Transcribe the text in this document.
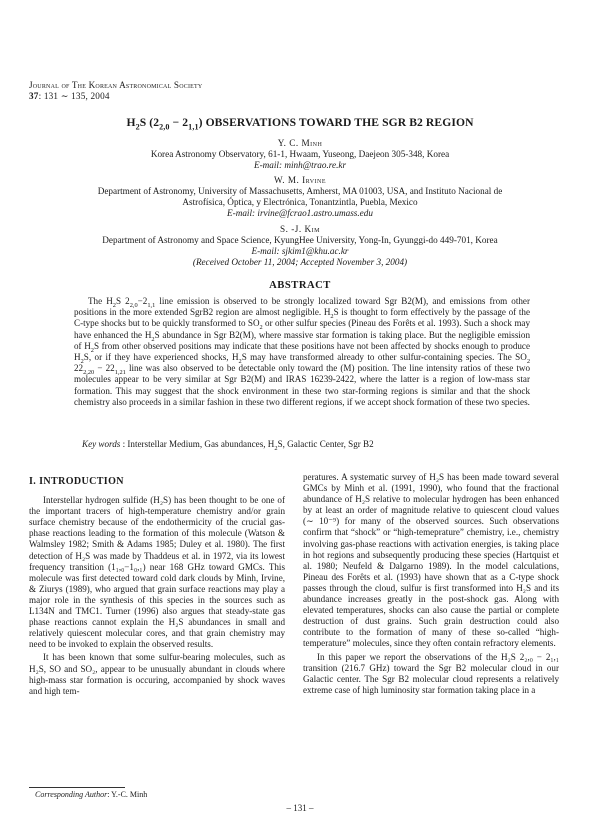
Journal of The Korean Astronomical Society
37: 131 ∼ 135, 2004
$H_2S$ $(2_{2,0} - 2_{1,1})$ OBSERVATIONS TOWARD THE SGR B2 REGION
Y. C. Minh
Korea Astronomy Observatory, 61-1, Hwaam, Yuseong, Daejeon 305-348, Korea
E-mail: minh@trao.re.kr
W. M. Irvine
Department of Astronomy, University of Massachusetts, Amherst, MA 01003, USA, and Instituto Nacional de
Astrofísica, Óptica, y Electrónica, Tonantzintla, Puebla, Mexico
E-mail: irvine@fcrao1.astro.umass.edu
S. -J. Kim
Department of Astronomy and Space Science, KyungHee University, Yong-In, Gyunggi-do 449-701, Korea
E-mail: sjkim1@khu.ac.kr
(Received October 11, 2004; Accepted November 3, 2004)
ABSTRACT
The $H_2S$ $2_{2,0}-2_{1,1}$ line emission is observed to be strongly localized toward Sgr B2(M), and emissions from other positions in the more extended SgrB2 region are almost negligible. $H_2S$ is thought to form effectively by the passage of the C-type shocks but to be quickly transformed to $SO_2$ or other sulfur species (Pineau des Forêts et al. 1993). Such a shock may have enhanced the $H_2S$ abundance in Sgr B2(M), where massive star formation is taking place. But the negligible emission of $H_2S$ from other observed positions may indicate that these positions have not been affected by shocks enough to produce $H_2S$, or if they have experienced shocks, $H_2S$ may have transformed already to other sulfur-containing species. The $SO_2$ $22_{2,20} - 22_{1,21}$ line was also observed to be detectable only toward the (M) position. The line intensity ratios of these two molecules appear to be very similar at Sgr B2(M) and IRAS 16239-2422, where the latter is a region of low-mass star formation. This may suggest that the shock environment in these two star-forming regions is similar and that the shock chemistry also proceeds in a similar fashion in these two different regions, if we accept shock formation of these two species.
Key words : Interstellar Medium, Gas abundances, $H_2S$, Galactic Center, Sgr B2
I. INTRODUCTION

Interstellar hydrogen sulfide (H₂S) has been thought to be one of the important tracers of high-temperature chemistry and/or grain surface chemistry because of the endothermicity of the crucial gas-phase reactions leading to the formation of this molecule (Watson & Walmsley 1982; Smith & Adams 1985; Duley et al. 1980). The first detection of H₂S was made by Thaddeus et al. in 1972, via its lowest frequency transition (1₁,₀−1₀,₁) near 168 GHz toward GMCs. This molecule was first detected toward cold dark clouds by Minh, Irvine, & Ziurys (1989), who argued that grain surface reactions may play a major role in the synthesis of this species in the sources such as L134N and TMC1. Turner (1996) also argues that steady-state gas phase reactions cannot explain the H₂S abundances in small and relatively quiescent molecular cores, and that grain chemistry may need to be invoked to explain the observed results.

It has been known that some sulfur-bearing molecules, such as H₂S, SO and SO₂, appear to be unusually abundant in clouds where high-mass star formation is occuring, accompanied by shock waves and high tem-

peratures. A systematic survey of H₂S has been made toward several GMCs by Minh et al. (1991, 1990), who found that the fractional abundance of H₂S relative to molecular hydrogen has been enhanced by at least an order of magnitude relative to quiescent cloud values (∼ 10⁻⁹) for many of the observed sources. Such observations confirm that “shock” or “high-temeprature” chemistry, i.e., chemistry involving gas-phase reactions with activation energies, is taking place in hot regions and subsequently producing these species (Hartquist et al. 1980; Neufeld & Dalgarno 1989). In the model calculations, Pineau des Forêts et al. (1993) have shown that as a C-type shock passes through the cloud, sulfur is first transformed into H₂S and its abundance increases greatly in the post-shock gas. Along with elevated temperatures, shocks can also cause the partial or complete destruction of dust grains. Such grain destruction could also contribute to the formation of many of these so-called “high-temperature” molecules, since they often contain refractory elements.

In this paper we report the observations of the H₂S 2₂,₀ − 2₁,₁ transition (216.7 GHz) toward the Sgr B2 molecular cloud in our Galactic center. The Sgr B2 molecular cloud represents a relatively extreme case of high luminosity star formation taking place in a

Corresponding Author: Y.-C. Minh
– 131 –
